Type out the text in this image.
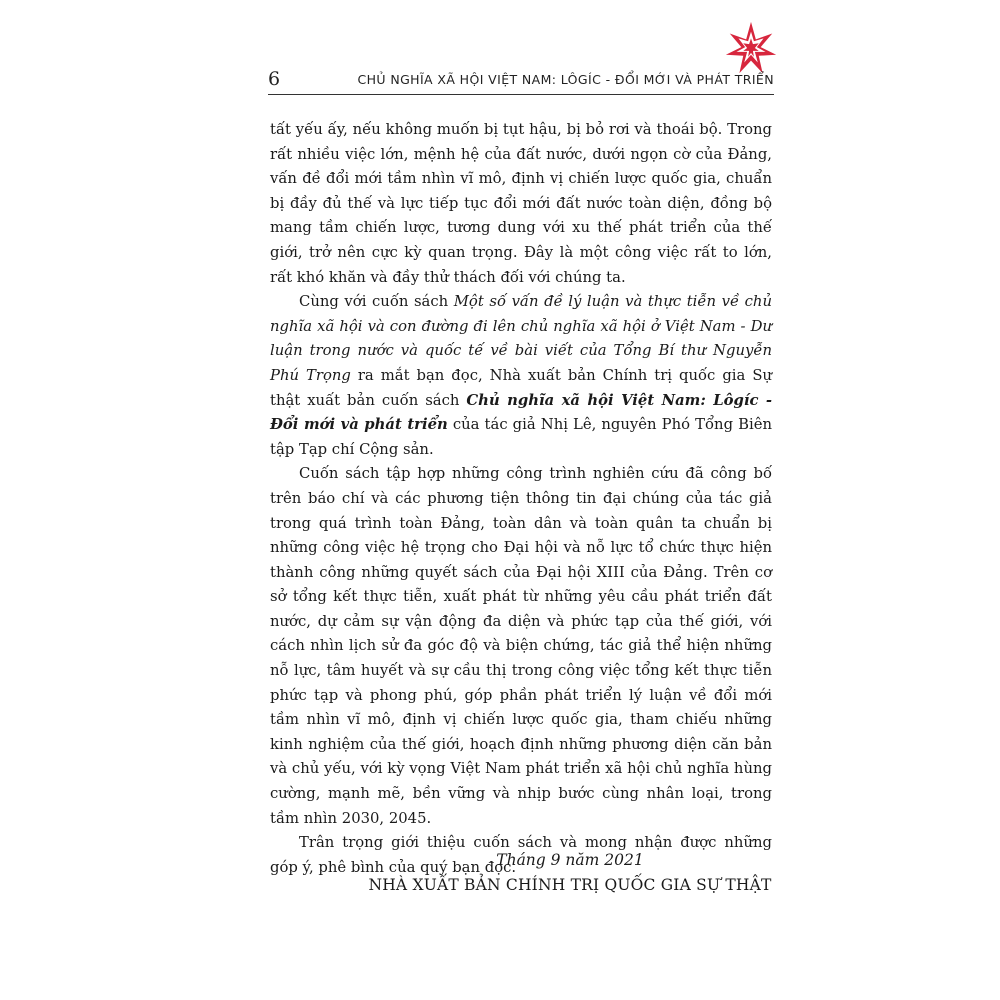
6	CHỦ NGHĨA XÃ HỘI VIỆT NAM: LÔGÍC - ĐỔI MỚI VÀ PHÁT TRIỂN

tất yếu ấy, nếu không muốn bị tụt hậu, bị bỏ rơi và thoái bộ. Trong rất nhiều việc lớn, mệnh hệ của đất nước, dưới ngọn cờ của Đảng, vấn đề đổi mới tầm nhìn vĩ mô, định vị chiến lược quốc gia, chuẩn bị đầy đủ thế và lực tiếp tục đổi mới đất nước toàn diện, đồng bộ mang tầm chiến lược, tương dung với xu thế phát triển của thế giới, trở nên cực kỳ quan trọng. Đây là một công việc rất to lớn, rất khó khăn và đầy thử thách đối với chúng ta.

Cùng với cuốn sách Một số vấn đề lý luận và thực tiễn về chủ nghĩa xã hội và con đường đi lên chủ nghĩa xã hội ở Việt Nam - Dư luận trong nước và quốc tế về bài viết của Tổng Bí thư Nguyễn Phú Trọng ra mắt bạn đọc, Nhà xuất bản Chính trị quốc gia Sự thật xuất bản cuốn sách Chủ nghĩa xã hội Việt Nam: Lôgíc - Đổi mới và phát triển của tác giả Nhị Lê, nguyên Phó Tổng Biên tập Tạp chí Cộng sản.

Cuốn sách tập hợp những công trình nghiên cứu đã công bố trên báo chí và các phương tiện thông tin đại chúng của tác giả trong quá trình toàn Đảng, toàn dân và toàn quân ta chuẩn bị những công việc hệ trọng cho Đại hội và nỗ lực tổ chức thực hiện thành công những quyết sách của Đại hội XIII của Đảng. Trên cơ sở tổng kết thực tiễn, xuất phát từ những yêu cầu phát triển đất nước, dự cảm sự vận động đa diện và phức tạp của thế giới, với cách nhìn lịch sử đa góc độ và biện chứng, tác giả thể hiện những nỗ lực, tâm huyết và sự cầu thị trong công việc tổng kết thực tiễn phức tạp và phong phú, góp phần phát triển lý luận về đổi mới tầm nhìn vĩ mô, định vị chiến lược quốc gia, tham chiếu những kinh nghiệm của thế giới, hoạch định những phương diện căn bản và chủ yếu, với kỳ vọng Việt Nam phát triển xã hội chủ nghĩa hùng cường, mạnh mẽ, bền vững và nhịp bước cùng nhân loại, trong tầm nhìn 2030, 2045.

Trân trọng giới thiệu cuốn sách và mong nhận được những góp ý, phê bình của quý bạn đọc.

Tháng 9 năm 2021
NHÀ XUẤT BẢN CHÍNH TRỊ QUỐC GIA SỰ THẬT
